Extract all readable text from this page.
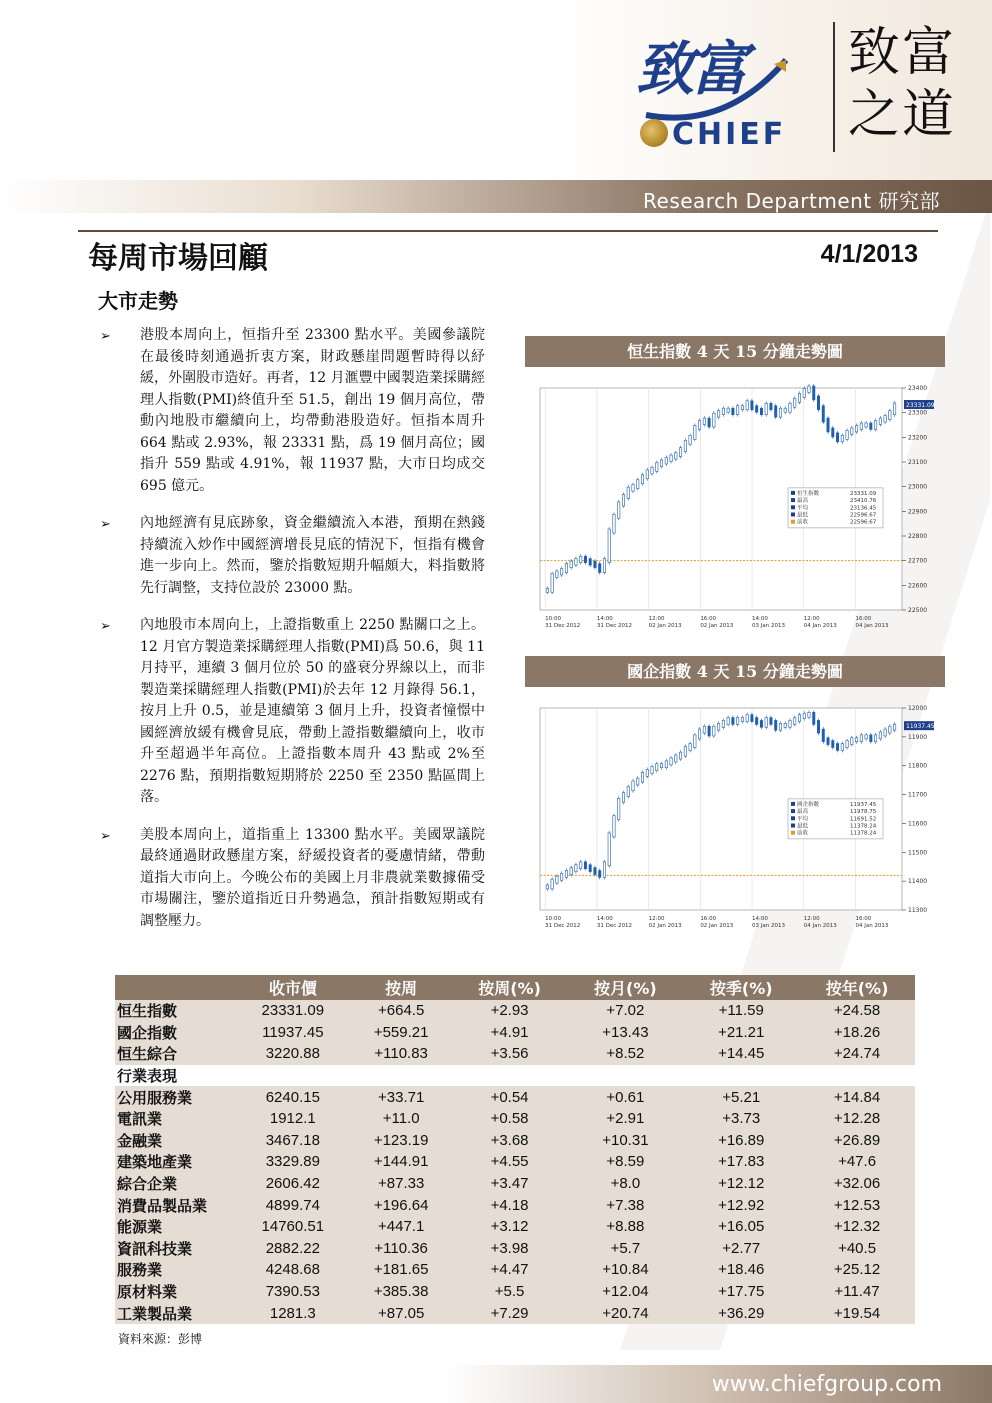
致富
CHIEF
致富
之道
Research Department 研究部
每周市場回顧	4/1/2013
大市走勢
➢	港股本周向上，恒指升至 23300 點水平。美國參議院在最後時刻通過折衷方案，財政懸崖問題暫時得以紓緩，外圍股市造好。再者，12 月滙豐中國製造業採購經理人指數(PMI)終值升至 51.5，創出 19 個月高位，帶動內地股市繼續向上，均帶動港股造好。恒指本周升 664 點或 2.93%，報 23331 點，爲 19 個月高位；國指升 559 點或 4.91%，報 11937 點，大市日均成交 695 億元。
➢	內地經濟有見底跡象，資金繼續流入本港，預期在熱錢持續流入炒作中國經濟增長見底的情況下，恒指有機會進一步向上。然而，鑒於指數短期升幅頗大，料指數將先行調整，支持位設於 23000 點。
➢	內地股市本周向上，上證指數重上 2250 點關口之上。12 月官方製造業採購經理人指數(PMI)爲 50.6，與 11 月持平，連續 3 個月位於 50 的盛衰分界線以上，而非製造業採購經理人指數(PMI)於去年 12 月錄得 56.1，按月上升 0.5，並是連續第 3 個月上升，投資者憧憬中國經濟放緩有機會見底，帶動上證指數繼續向上，收市升至超過半年高位。上證指數本周升 43 點或 2%至 2276 點，預期指數短期將於 2250 至 2350 點區間上落。
➢	美股本周向上，道指重上 13300 點水平。美國眾議院最終通過財政懸崖方案，紓緩投資者的憂慮情緒，帶動道指大市向上。今晚公布的美國上月非農就業數據備受市場關注，鑒於道指近日升勢過急，預計指數短期或有調整壓力。
恒生指數 4 天 15 分鐘走勢圖
10:00
31 Dec 2012
14:00
31 Dec 2012
12:00
02 Jan 2013
16:00
02 Jan 2013
14:00
03 Jan 2013
12:00
04 Jan 2013
16:00
04 Jan 2013
23400
23300
23200
23100
23000
22900
22800
22700
22600
22500
23331.09
恒生指數	23331.09
最高	23410.76
平均	23136.45
最低	22596.67
前收	22596.67
國企指數 4 天 15 分鐘走勢圖
10:00
31 Dec 2012
14:00
31 Dec 2012
12:00
02 Jan 2013
16:00
02 Jan 2013
14:00
03 Jan 2013
12:00
04 Jan 2013
16:00
04 Jan 2013
12000
11900
11800
11700
11600
11500
11400
11300
11937.45
國企指數	11937.45
最高	11978.75
平均	11691.52
最低	11378.24
前收	11378.24
	收市價	按周	按周(%)	按月(%)	按季(%)	按年(%)
恒生指數	23331.09	+664.5	+2.93	+7.02	+11.59	+24.58
國企指數	11937.45	+559.21	+4.91	+13.43	+21.21	+18.26
恒生綜合	3220.88	+110.83	+3.56	+8.52	+14.45	+24.74
行業表現						
公用服務業	6240.15	+33.71	+0.54	+0.61	+5.21	+14.84
電訊業	1912.1	+11.0	+0.58	+2.91	+3.73	+12.28
金融業	3467.18	+123.19	+3.68	+10.31	+16.89	+26.89
建築地產業	3329.89	+144.91	+4.55	+8.59	+17.83	+47.6
綜合企業	2606.42	+87.33	+3.47	+8.0	+12.12	+32.06
消費品製品業	4899.74	+196.64	+4.18	+7.38	+12.92	+12.53
能源業	14760.51	+447.1	+3.12	+8.88	+16.05	+12.32
資訊科技業	2882.22	+110.36	+3.98	+5.7	+2.77	+40.5
服務業	4248.68	+181.65	+4.47	+10.84	+18.46	+25.12
原材料業	7390.53	+385.38	+5.5	+12.04	+17.75	+11.47
工業製品業	1281.3	+87.05	+7.29	+20.74	+36.29	+19.54
資料來源：彭博
www.chiefgroup.com
